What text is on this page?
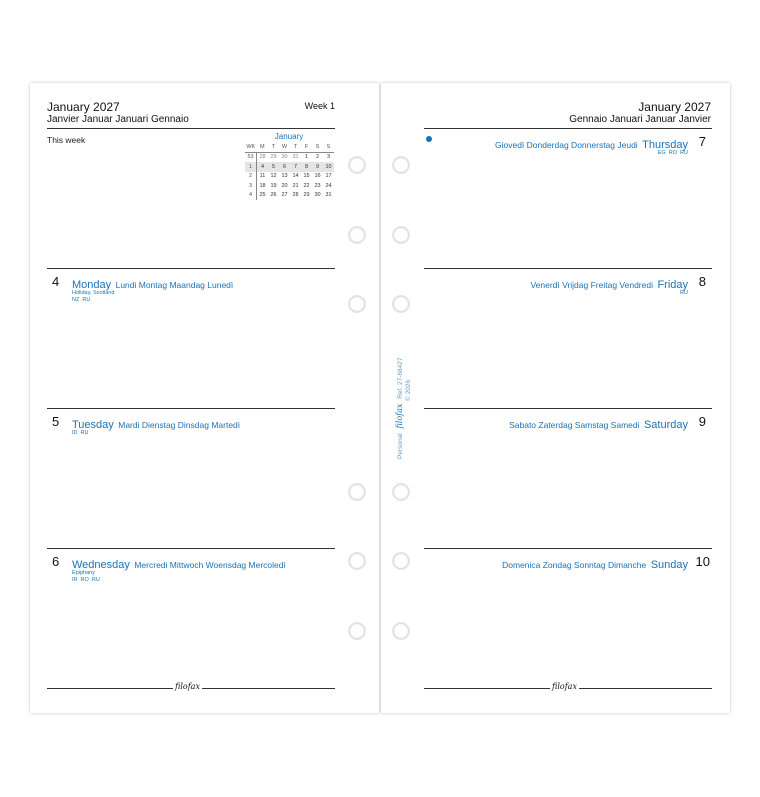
January 2027	Week 1
Janvier Januar Januari Gennaio
This week	January
WK	M	T	W	T	F	S	S
53	28	29	30	31	1	2	3
1	4	5	6	7	8	9	10
2	11	12	13	14	15	16	17
3	18	19	20	21	22	23	24
4	25	26	27	28	29	30	31
4 Monday Lundi Montag Maandag Lunedì
Holiday, Scotland
NZ  RU
5 Tuesday Mardi Dienstag Dinsdag Martedì
ID  RU
6 Wednesday Mercredi Mittwoch Woensdag Mercoledì
Epiphany
IR  RO  RU
filofax
January 2027
Gennaio Januari Januar Janvier
7
Giovedì Donderdag Donnerstag Jeudi Thursday
EG  RO  RU
8
Venerdì Vrijdag Freitag Vendredi Friday
RU
9
Sabato Zaterdag Samstag Samedi Saturday
10
Domenica Zondag Sonntag Dimanche Sunday
filofax
Personal filofax Ref. 27-68427 © 2026
